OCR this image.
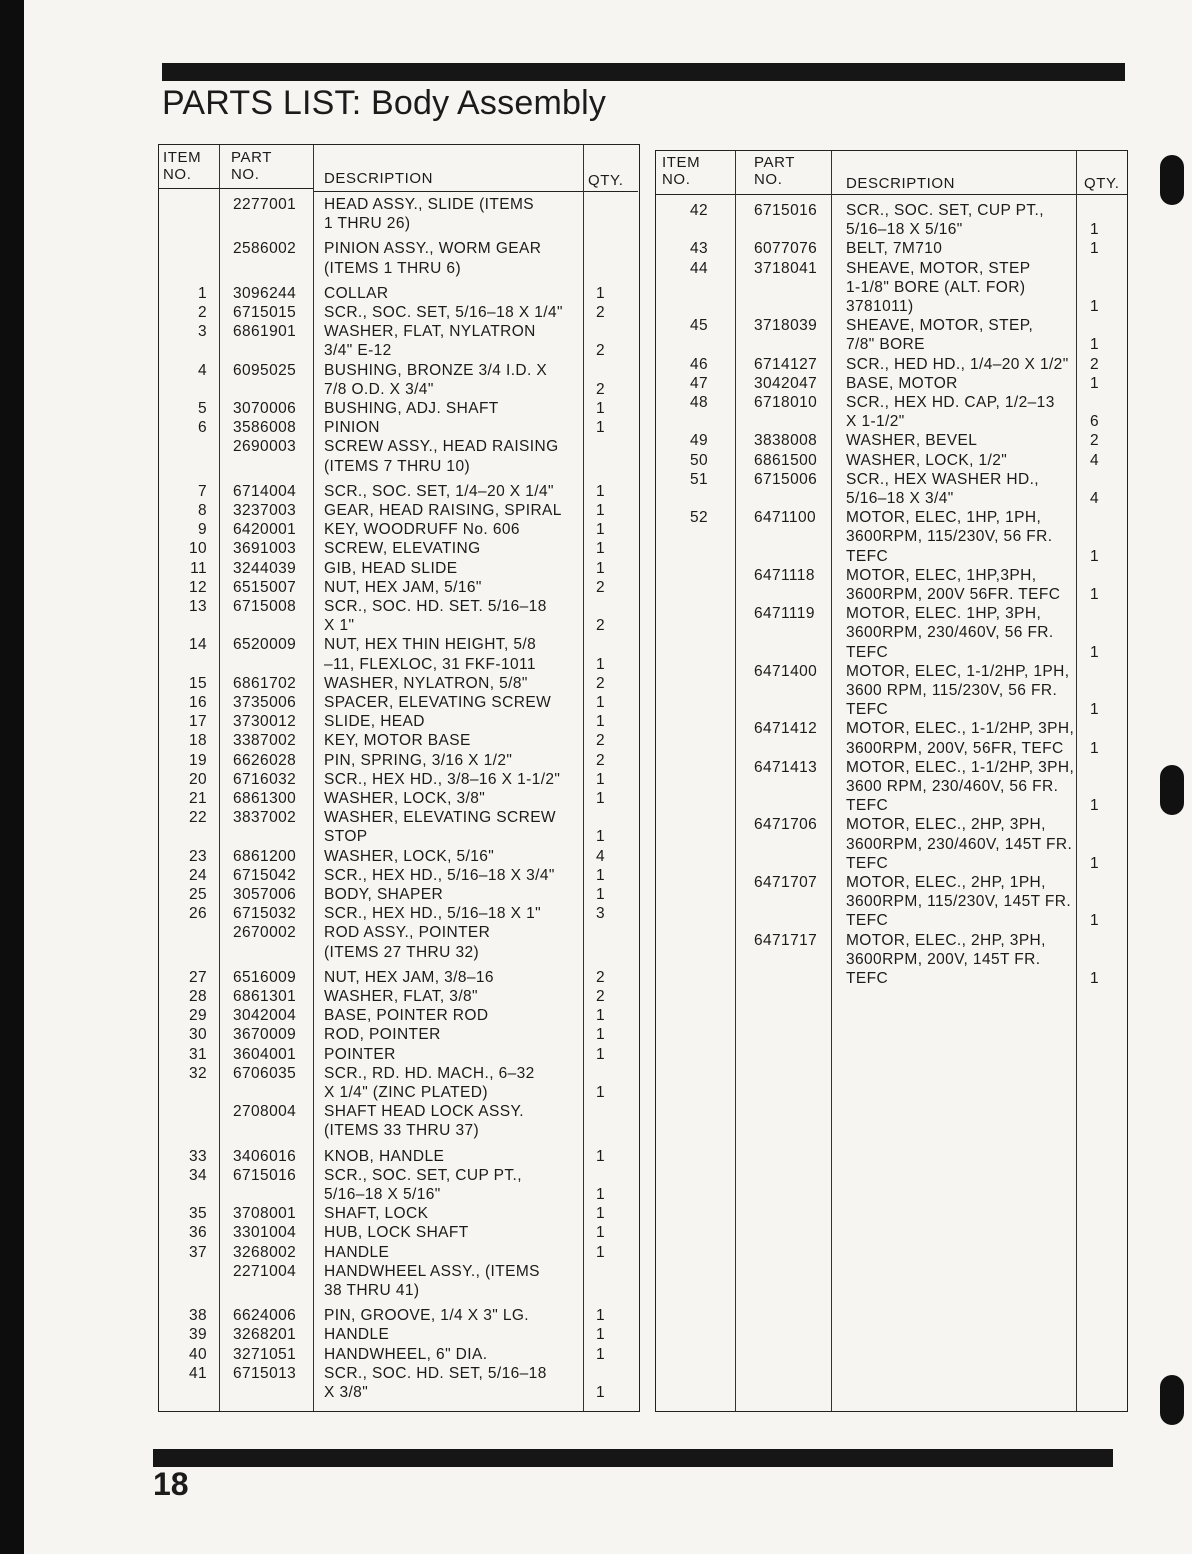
PARTS LIST: Body Assembly
ITEM
NO.
PART
NO.	DESCRIPTION	QTY.
2277001 HEAD ASSY., SLIDE (ITEMS
1 THRU 26)
2586002 PINION ASSY., WORM GEAR
(ITEMS 1 THRU 6)
1 3096244 COLLAR	1
2 6715015 SCR., SOC. SET, 5/16–18 X 1/4" 2
3 6861901 WASHER, FLAT, NYLATRON
3/4" E-12	2
4 6095025 BUSHING, BRONZE 3/4 I.D. X
7/8 O.D. X 3/4"	2
5 3070006 BUSHING, ADJ. SHAFT	1
6 3586008 PINION	1
2690003 SCREW ASSY., HEAD RAISING
(ITEMS 7 THRU 10)
7 6714004 SCR., SOC. SET, 1/4–20 X 1/4"	1
8 3237003 GEAR, HEAD RAISING, SPIRAL 1
9 6420001 KEY, WOODRUFF No. 606	1
10 3691003 SCREW, ELEVATING	1
11 3244039 GIB, HEAD SLIDE	1
12 6515007 NUT, HEX JAM, 5/16"	2
13 6715008 SCR., SOC. HD. SET. 5/16–18
X 1"	2
14 6520009 NUT, HEX THIN HEIGHT, 5/8
–11, FLEXLOC, 31 FKF-1011	1
15 6861702 WASHER, NYLATRON, 5/8"	2
16 3735006 SPACER, ELEVATING SCREW	1
17 3730012 SLIDE, HEAD	1
18 3387002 KEY, MOTOR BASE	2
19 6626028 PIN, SPRING, 3/16 X 1/2"	2
20 6716032 SCR., HEX HD., 3/8–16 X 1-1/2" 1
21 6861300 WASHER, LOCK, 3/8"	1
22 3837002 WASHER, ELEVATING SCREW
STOP	1
23 6861200 WASHER, LOCK, 5/16"	4
24 6715042 SCR., HEX HD., 5/16–18 X 3/4"	1
25 3057006 BODY, SHAPER	1
26 6715032 SCR., HEX HD., 5/16–18 X 1"	3
2670002 ROD ASSY., POINTER
(ITEMS 27 THRU 32)
27 6516009 NUT, HEX JAM, 3/8–16	2
28 6861301 WASHER, FLAT, 3/8"	2
29 3042004 BASE, POINTER ROD	1
30 3670009 ROD, POINTER	1
31 3604001 POINTER	1
32 6706035 SCR., RD. HD. MACH., 6–32
X 1/4" (ZINC PLATED)	1
2708004 SHAFT HEAD LOCK ASSY.
(ITEMS 33 THRU 37)
33 3406016 KNOB, HANDLE	1
34 6715016 SCR., SOC. SET, CUP PT.,
5/16–18 X 5/16"	1
35 3708001 SHAFT, LOCK	1
36 3301004 HUB, LOCK SHAFT	1
37 3268002 HANDLE	1
2271004 HANDWHEEL ASSY., (ITEMS
38 THRU 41)
38 6624006 PIN, GROOVE, 1/4 X 3" LG.	1
39 3268201 HANDLE	1
40 3271051 HANDWHEEL, 6" DIA.	1
41 6715013 SCR., SOC. HD. SET, 5/16–18
X 3/8"	1
ITEM
NO.
PART
NO.	DESCRIPTION	QTY.
42	6715016 SCR., SOC. SET, CUP PT.,
5/16–18 X 5/16"	1
43	6077076 BELT, 7M710	1
44	3718041 SHEAVE, MOTOR, STEP
1-1/8" BORE (ALT. FOR)
3781011)	1
45	3718039 SHEAVE, MOTOR, STEP,
7/8" BORE	1
46	6714127 SCR., HED HD., 1/4–20 X 1/2" 2
47	3042047 BASE, MOTOR	1
48	6718010 SCR., HEX HD. CAP, 1/2–13
X 1-1/2"	6
49	3838008 WASHER, BEVEL	2
50	6861500 WASHER, LOCK, 1/2"	4
51	6715006 SCR., HEX WASHER HD.,
5/16–18 X 3/4"	4
52	6471100 MOTOR, ELEC, 1HP, 1PH,
3600RPM, 115/230V, 56 FR.
TEFC	1
6471118 MOTOR, ELEC, 1HP,3PH,
3600RPM, 200V 56FR. TEFC 1
6471119 MOTOR, ELEC. 1HP, 3PH,
3600RPM, 230/460V, 56 FR.
TEFC	1
6471400 MOTOR, ELEC, 1-1/2HP, 1PH,
3600 RPM, 115/230V, 56 FR.
TEFC	1
6471412 MOTOR, ELEC., 1-1/2HP, 3PH,
3600RPM, 200V, 56FR, TEFC 1
6471413 MOTOR, ELEC., 1-1/2HP, 3PH,
3600 RPM, 230/460V, 56 FR.
TEFC	1
6471706 MOTOR, ELEC., 2HP, 3PH,
3600RPM, 230/460V, 145T FR.
TEFC	1
6471707 MOTOR, ELEC., 2HP, 1PH,
3600RPM, 115/230V, 145T FR.
TEFC	1
6471717 MOTOR, ELEC., 2HP, 3PH,
3600RPM, 200V, 145T FR.
TEFC	1
18
